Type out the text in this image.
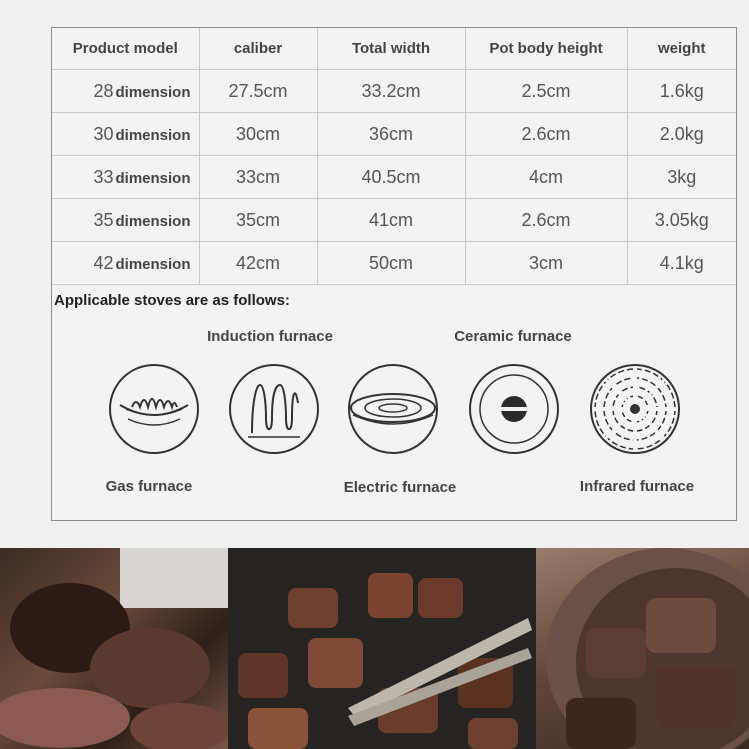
Product model	caliber	Total width	Pot body height	weight
28 dimension	27.5cm	33.2cm	2.5cm	1.6kg
30 dimension	30cm	36cm	2.6cm	2.0kg
33 dimension	33cm	40.5cm	4cm	3kg
35 dimension	35cm	41cm	2.6cm	3.05kg
42 dimension	42cm	50cm	3cm	4.1kg
Applicable stoves are as follows:
Induction furnace	Ceramic furnace
Gas furnace	Electric furnace	Infrared furnace
